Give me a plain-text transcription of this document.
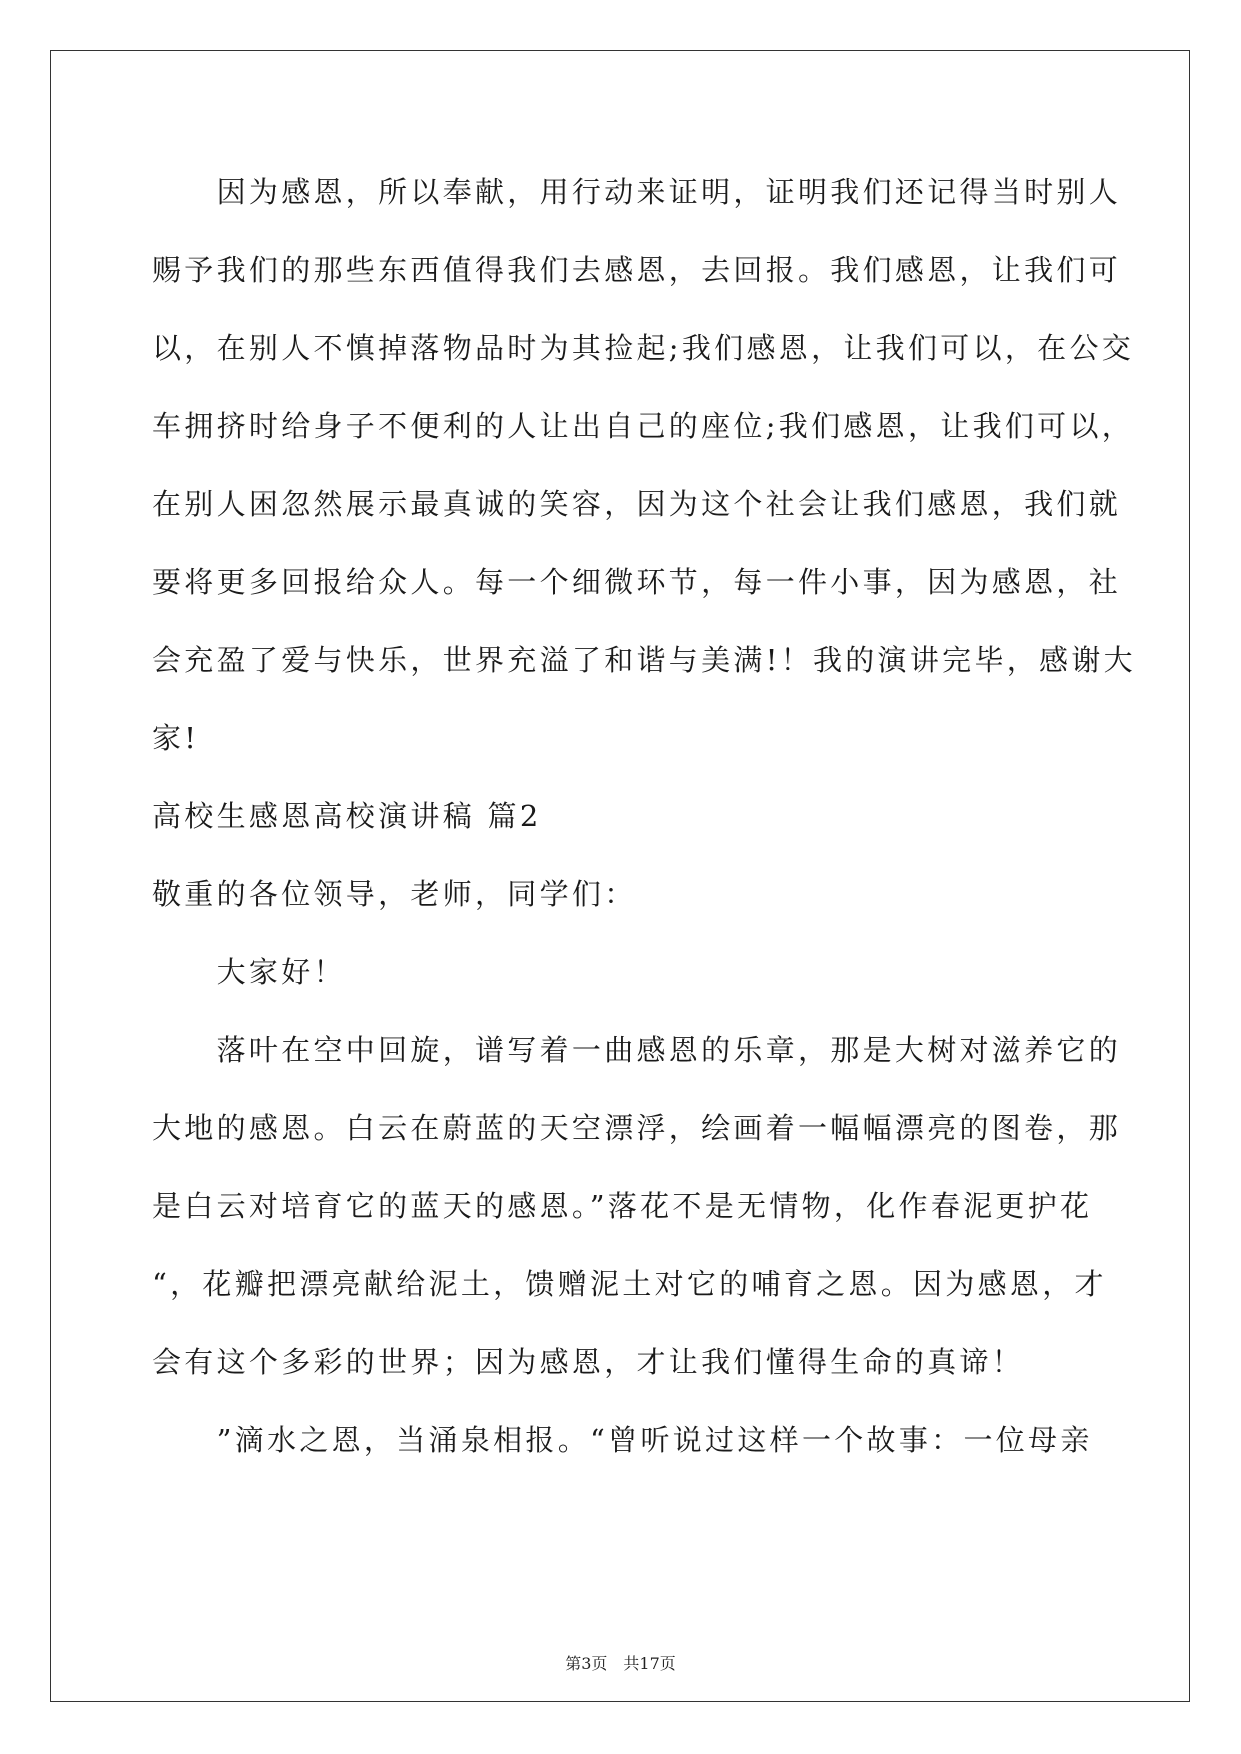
　　因为感恩，所以奉献，用行动来证明，证明我们还记得当时别人
赐予我们的那些东西值得我们去感恩，去回报。我们感恩，让我们可
以，在别人不慎掉落物品时为其捡起;我们感恩，让我们可以，在公交
车拥挤时给身子不便利的人让出自己的座位;我们感恩，让我们可以，
在别人困忽然展示最真诚的笑容，因为这个社会让我们感恩，我们就
要将更多回报给众人。每一个细微环节，每一件小事，因为感恩，社
会充盈了爱与快乐，世界充溢了和谐与美满!！我的演讲完毕，感谢大
家!
高校生感恩高校演讲稿 篇2
敬重的各位领导，老师，同学们：
　　大家好！
　　落叶在空中回旋，谱写着一曲感恩的乐章，那是大树对滋养它的
大地的感恩。白云在蔚蓝的天空漂浮，绘画着一幅幅漂亮的图卷，那
是白云对培育它的蓝天的感恩。”落花不是无情物，化作春泥更护花
“，花瓣把漂亮献给泥土，馈赠泥土对它的哺育之恩。因为感恩，才
会有这个多彩的世界；因为感恩，才让我们懂得生命的真谛！
　　”滴水之恩，当涌泉相报。“曾听说过这样一个故事：一位母亲
第3页　共17页
